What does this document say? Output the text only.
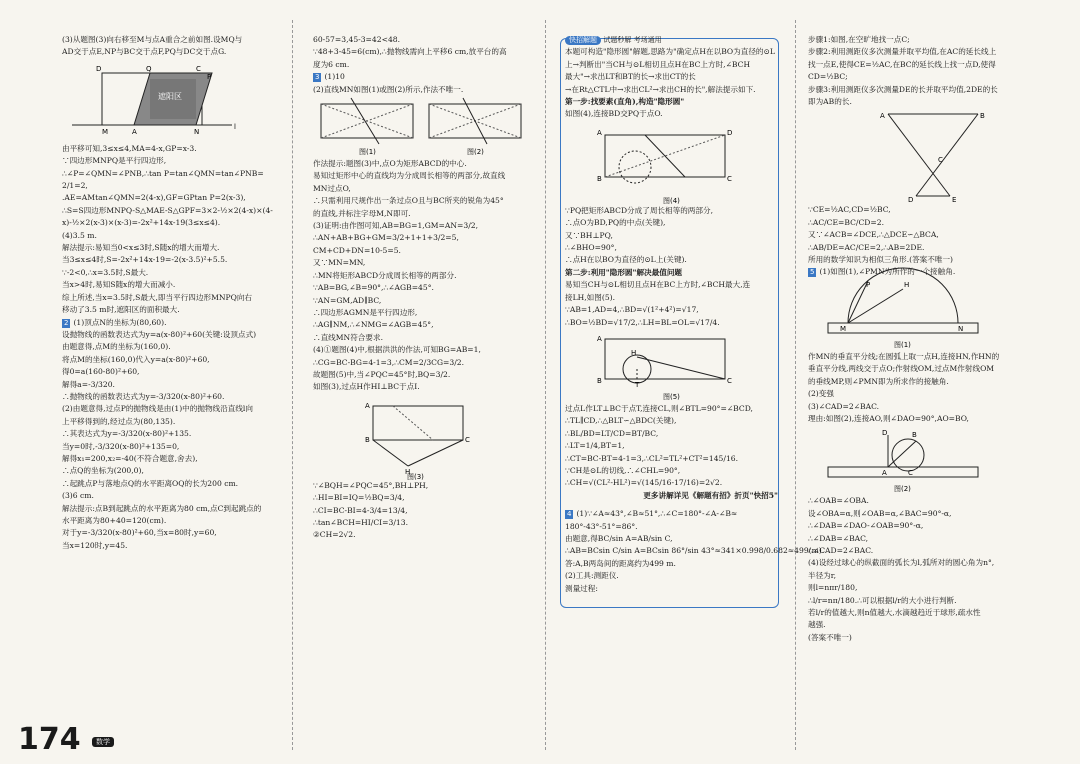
(3)从题图(3)向右移至M与点A重合之前如图.设MQ与

AD交于点E,NP与BC交于点F,PQ与DC交于点G.

遮阳区
D	Q	C
P
M	A	N
l

由平移可知,3≤x≤4,MA=4-x,GP=x-3.

∵四边形MNPQ是平行四边形,

∴∠P=∠QMN=∠PNB,∴tan P=tan∠QMN=tan∠PNB=

2/1=2,

.AE=AMtan∠QMN=2(4-x),GF=GPtan P=2(x-3),

∴S=S四边形MNPQ-S△MAE-S△GPF=3×2-½×2(4-x)×(4-

x)-½×2(x-3)×(x-3)=-2x²+14x-19(3≤x≤4).

(4)3.5 m.

解法提示:易知当0<x≤3时,S随x的增大而增大.

当3≤x≤4时,S=-2x²+14x-19=-2(x-3.5)²+5.5.

∵-2<0,∴x=3.5时,S最大.

当x>4时,易知S随x的增大而减小.

综上所述,当x=3.5时,S最大,即当平行四边形MNPQ向右

移动了3.5 m时,遮阳区的面积最大.

2 (1)顶点N的坐标为(80,60).

设抛物线的函数表达式为y=a(x-80)²+60(关键:设顶点式)

由题意得,点M的坐标为(160,0).

将点M的坐标(160,0)代入y=a(x-80)²+60,

得0=a(160-80)²+60,

解得a=-3/320.

∴抛物线的函数表达式为y=-3/320(x-80)²+60.

(2)由题意得,过点P的抛物线是由(1)中的抛物线沿直线l向

上平移得到的,经过点为(80,135).

∴其表达式为y=-3/320(x-80)²+135.

当y=0时,-3/320(x-80)²+135=0,

解得x₁=200,x₂=-40(不符合题意,舍去),

∴点Q的坐标为(200,0),

∴起跳点P与落地点Q的水平距离OQ的长为200 cm.

(3)6 cm.

解法提示:点B到起跳点的水平距离为80 cm,点C到起跳点的

水平距离为80+40=120(cm).

对于y=-3/320(x-80)²+60,当x=80时,y=60,

当x=120时,y=45.

60-57=3,45-3=42<48.

∵48+3-45=6(cm),∴抛物线需向上平移6 cm,放平台的高

度为6 cm.

3 (1)10

(2)直线MN如图(1)或图(2)所示,作法不唯一.

图(1)	图(2)

作法提示:题图(3)中,点O为矩形ABCD的中心.

易知过矩形中心的直线均为分成周长相等的两部分,故直线

MN过点O,

∴只需利用尺规作出一条过点O且与BC所夹的锐角为45°

的直线,并标注字母M,N即可.

(3)证明:由作图可知,AB=BG=1,GM=AN=3/2,

∴AN+AB+BG+GM=3/2+1+1+3/2=5,

CM+CD+DN=10-5=5.

又∵MN=MN,

∴MN将矩形ABCD分成周长相等的两部分.

∵AB=BG,∠B=90°,∴∠AGB=45°.

∵AN=GM,AD∥BC,

∴四边形AGMN是平行四边形,

∴AG∥NM,∴∠NMG=∠AGB=45°,

∴直线MN符合要求.

(4)①题图(4)中,根据洪洪的作法,可知BG=AB=1,

∴CG=BC-BG=4-1=3,∴CM=2/3CG=3/2.

故题图(5)中,当∠PQC=45°时,BQ=3/2.

如图(3),过点H作HI⊥BC于点I.

A
B	C
H
图(3)

∵∠BQH=∠PQC=45°,BH⊥PH,

∴HI=BI=IQ=½BQ=3/4,

∴CI=BC-BI=4-3/4=13/4,

∴tan∠BCH=HI/CI=3/13.

②CH=2√2.

快招解题 试题秒解 考场通用

本题可构造"隐形圆"解题,思路为"确定点H在以BO为直径的⊙L

上→判断出"当CH与⊙L相切且点H在BC上方时,∠BCH

最大"→求出LT和BT的长→求出CT的长

→在Rt△CTL中→求出CL²→求出CH的长",解法提示如下.

第一步:找要素(直角),构造"隐形圆"

如图(4),连接BD交PQ于点O.

A
B	C
D
图(4)

∵PQ把矩形ABCD分成了周长相等的两部分,

∴点O为BD,PQ的中点(关键),

又∵BH⊥PQ,

∴∠BHO=90°,

∴点H在以BO为直径的⊙L上(关键).

第二步:利用"隐形圆"解决最值问题

易知当CH与⊙L相切且点H在BC上方时,∠BCH最大,连

接LH,如图(5).

∵AB=1,AD=4,∴BD=√(1²+4²)=√17,

∴BO=½BD=√17/2,∴LH=BL=OL=√17/4.

A
B	T	C
H
图(5)

过点L作LT⊥BC于点T,连接CL,则∠BTL=90°=∠BCD,

∴TL∥CD,∴△BLT∽△BDC(关键),

∴BL/BD=LT/CD=BT/BC,

∴LT=1/4,BT=1,

∴CT=BC-BT=4-1=3,∴CL²=TL²+CT²=145/16.

∵CH是⊙L的切线,∴∠CHL=90°,

∴CH=√(CL²-HL²)=√(145/16-17/16)=2√2.

更多讲解详见《解题有招》折页"快招5"

4 (1)∵∠A≈43°,∠B≈51°,∴∠C=180°-∠A-∠B≈

180°-43°-51°=86°.

由题意,得BC/sin A=AB/sin C,

∴AB=BCsin C/sin A=BCsin 86°/sin 43°≈341×0.998/0.682≈499(m).

答:A,B两岛间的距离约为499 m.

(2)工具:测距仪.

测量过程:

步骤1:如图,在空旷地找一点C;

步骤2:利用测距仪多次测量并取平均值,在AC的延长线上

找一点E,使得CE=½AC,在BC的延长线上找一点D,使得

CD=½BC;

步骤3:利用测距仪多次测量DE的长并取平均值,2DE的长

即为AB的长.

A	B
C
D	E

∵CE=½AC,CD=½BC,

∴AC/CE=BC/CD=2.

又∵∠ACB=∠DCE,∴△DCE∽△BCA,

∴AB/DE=AC/CE=2,∴AB=2DE.

所用的数学知识为相似三角形.(答案不唯一)

5 (1)如图(1),∠PMN为所作的一个接触角.

M	N
P	H
图(1)

作MN的垂直平分线;在圆弧上取一点H,连接HN,作HN的

垂直平分线,两线交于点O;作射线OM,过点M作射线OM

的垂线MP,则∠PMN即为所求作的接触角.

(2)变强

(3)∠CAD=2∠BAC.

理由:如图(2),连接AO,则∠DAO=90°,AO=BO,

D	B
A	C
图(2)

∴∠OAB=∠OBA.

设∠OBA=α,则∠OAB=α,∠BAC=90°-α,

∴∠DAB=∠DAO-∠OAB=90°-α,

∴∠DAB=∠BAC,

∴∠CAD=2∠BAC.

(4)设经过球心的纵截面的弧长为l,弧所对的圆心角为n°,

半径为r,

则l=nπr/180,

∴l/r=nπ/180.∴可以根据l/r的大小进行判断.

若l/r的值越大,则n值越大,水滴越趋近于球形,疏水性

越强.

(答案不唯一)

174	数学
